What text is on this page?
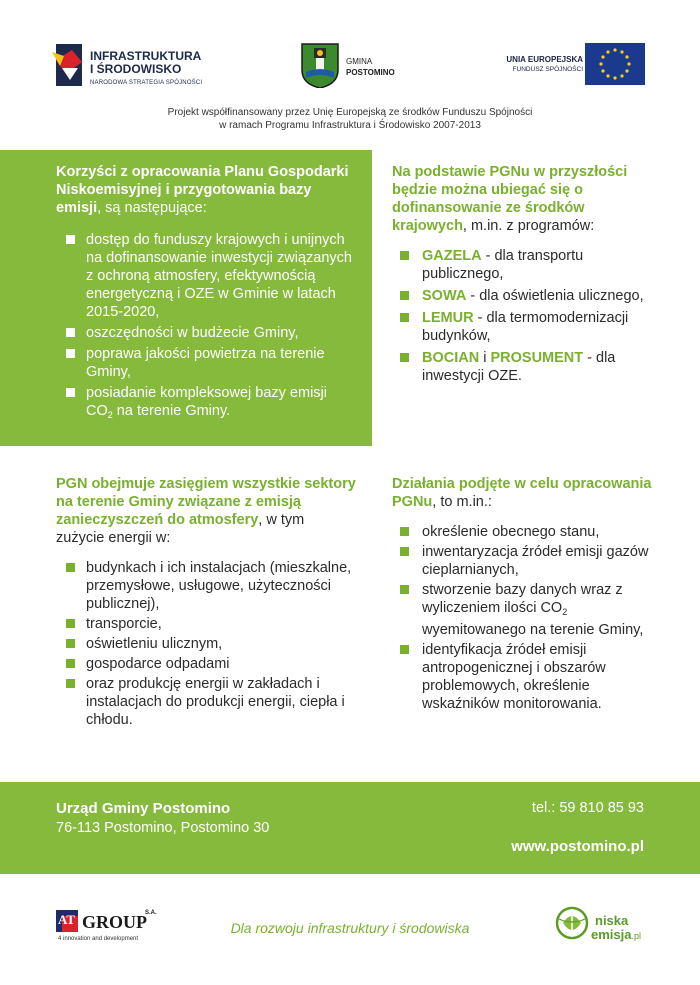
INFRASTRUKTURA
I ŚRODOWISKO
NARODOWA STRATEGIA SPÓJNOŚCI
GMINA
POSTOMINO
UNIA EUROPEJSKA
FUNDUSZ SPÓJNOŚCI
Projekt współfinansowany przez Unię Europejską ze środków Funduszu Spójności
w ramach Programu Infrastruktura i Środowisko 2007-2013
Korzyści z opracowania Planu Gospodarki Niskoemisyjnej i przygotowania bazy emisji, są następujące:
dostęp do funduszy krajowych i unijnych na dofinansowanie inwestycji związanych z ochroną atmosfery, efektywnością energetyczną i OZE w Gminie w latach 2015-2020,
oszczędności w budżecie Gminy,
poprawa jakości powietrza na terenie Gminy,
posiadanie kompleksowej bazy emisji $CO_2$ na terenie Gminy.
Na podstawie PGNu w przyszłości będzie można ubiegać się o dofinansowanie ze środków krajowych, m.in. z programów:
GAZELA - dla transportu publicznego,
SOWA - dla oświetlenia ulicznego,
LEMUR - dla termomodernizacji budynków,
BOCIAN i PROSUMENT - dla inwestycji OZE.
PGN obejmuje zasięgiem wszystkie sektory na terenie Gminy związane z emisją zanieczyszczeń do atmosfery, w tym zużycie energii w:
budynkach i ich instalacjach (mieszkalne, przemysłowe, usługowe, użyteczności publicznej),
transporcie,
oświetleniu ulicznym,
gospodarce odpadami
oraz produkcję energii w zakładach i instalacjach do produkcji energii, ciepła i chłodu.
Działania podjęte w celu opracowania PGNu, to m.in.:
określenie obecnego stanu,
inwentaryzacja źródeł emisji gazów cieplarnianych,
stworzenie bazy danych wraz z wyliczeniem ilości $CO_2$ wyemitowanego na terenie Gminy,
identyfikacja źródeł emisji antropogenicznej i obszarów problemowych, określenie wskaźników monitorowania.
Urząd Gminy Postomino
76-113 Postomino, Postomino 30
tel.: 59 810 85 93
www.postomino.pl
AT GROUP
S.A.
4 innovation and development
Dla rozwoju infrastruktury i środowiska	niska
emisja.pl
